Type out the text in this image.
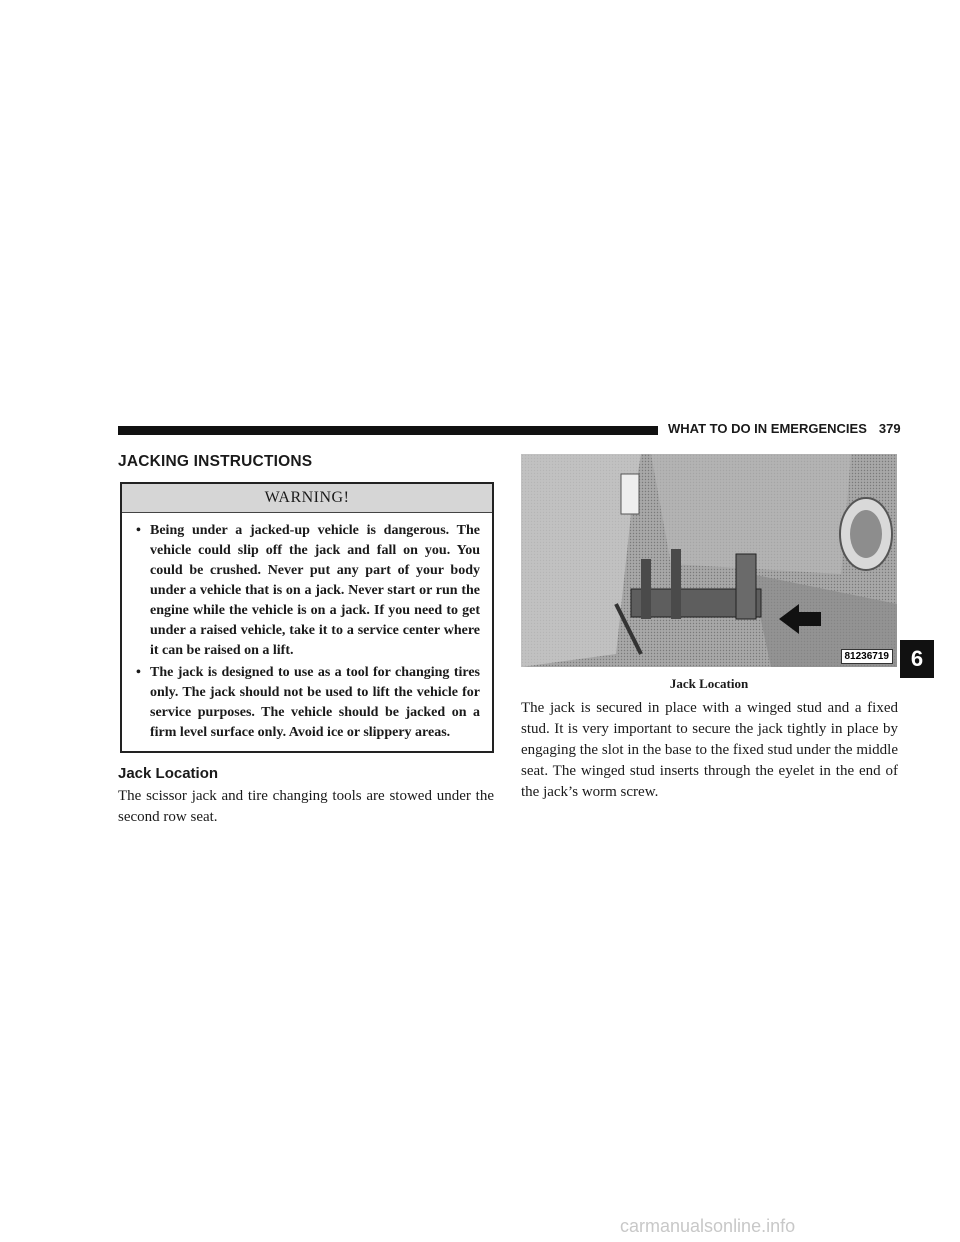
WHAT TO DO IN EMERGENCIES 379
JACKING INSTRUCTIONS
WARNING!
• Being under a jacked-up vehicle is dangerous. The vehicle could slip off the jack and fall on you. You could be crushed. Never put any part of your body under a vehicle that is on a jack. Never start or run the engine while the vehicle is on a jack. If you need to get under a raised vehicle, take it to a service center where it can be raised on a lift.
• The jack is designed to use as a tool for changing tires only. The jack should not be used to lift the vehicle for service purposes. The vehicle should be jacked on a firm level surface only. Avoid ice or slippery areas.
Jack Location
The scissor jack and tire changing tools are stowed under the second row seat.
81236719
Jack Location
The jack is secured in place with a winged stud and a fixed stud. It is very important to secure the jack tightly in place by engaging the slot in the base to the fixed stud under the middle seat. The winged stud inserts through the eyelet in the end of the jack’s worm screw.
6
carmanualsonline.info
